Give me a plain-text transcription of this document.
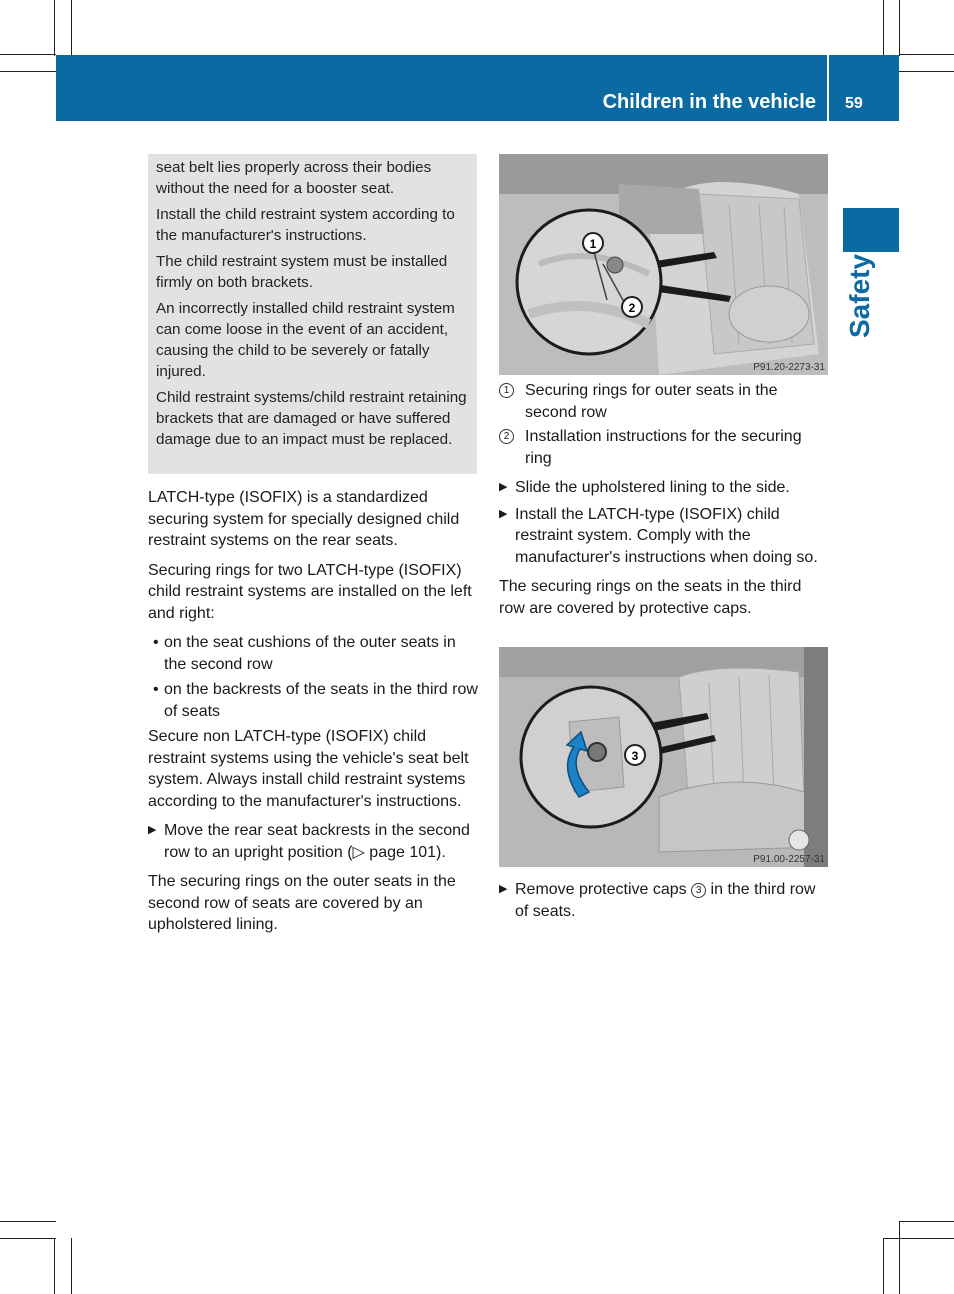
Children in the vehicle 59
Safety

seat belt lies properly across their bodies without the need for a booster seat.

Install the child restraint system according to the manufacturer's instructions.

The child restraint system must be installed firmly on both brackets.

An incorrectly installed child restraint system can come loose in the event of an accident, causing the child to be severely or fatally injured.

Child restraint systems/child restraint retaining brackets that are damaged or have suffered damage due to an impact must be replaced.

LATCH-type (ISOFIX) is a standardized securing system for specially designed child restraint systems on the rear seats.

Securing rings for two LATCH-type (ISOFIX) child restraint systems are installed on the left and right:

• on the seat cushions of the outer seats in the second row
• on the backrests of the seats in the third row of seats

Secure non LATCH-type (ISOFIX) child restraint systems using the vehicle's seat belt system. Always install child restraint systems according to the manufacturer's instructions.

▶ Move the rear seat backrests in the second row to an upright position (▷ page 101).

The securing rings on the outer seats in the second row of seats are covered by an upholstered lining.

1
2
P91.20-2273-31
3
P91.00-2257-31
1 Securing rings for outer seats in the second row
2 Installation instructions for the securing ring
▶ Slide the upholstered lining to the side.
▶ Install the LATCH-type (ISOFIX) child restraint system. Comply with the manufacturer's instructions when doing so.

The securing rings on the seats in the third row are covered by protective caps.

▶ Remove protective caps 3 in the third row of seats.
